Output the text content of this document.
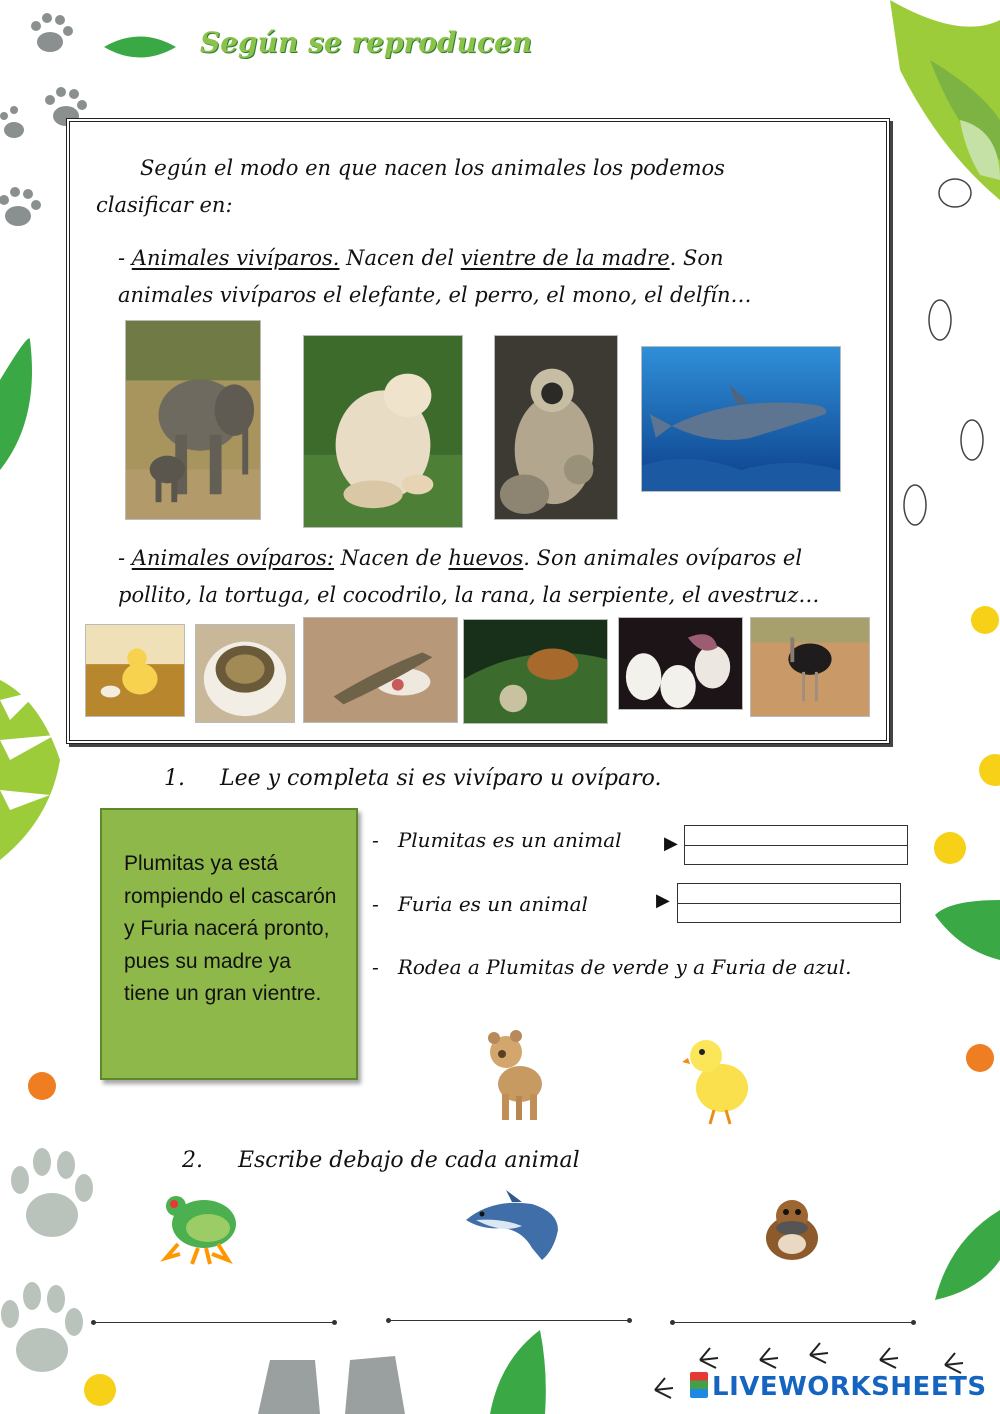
Según se reproducen
Según el modo en que nacen los animales los podemos
clasificar en:
- Animales vivíparos. Nacen del vientre de la madre. Son
animales vivíparos el elefante, el perro, el mono, el delfín…
- Animales ovíparos: Nacen de huevos. Son animales ovíparos el
pollito, la tortuga, el cocodrilo, la rana, la serpiente, el avestruz…
1.     Lee y completa si es vivíparo u ovíparo.
Plumitas ya está rompiendo el cascarón y Furia nacerá pronto, pues su madre ya tiene un gran vientre.
-   Plumitas es un animal ▶
-   Furia es un animal	▶
-   Rodea a Plumitas de verde y a Furia de azul.
2.     Escribe debajo de cada animal
LIVEWORKSHEETS
